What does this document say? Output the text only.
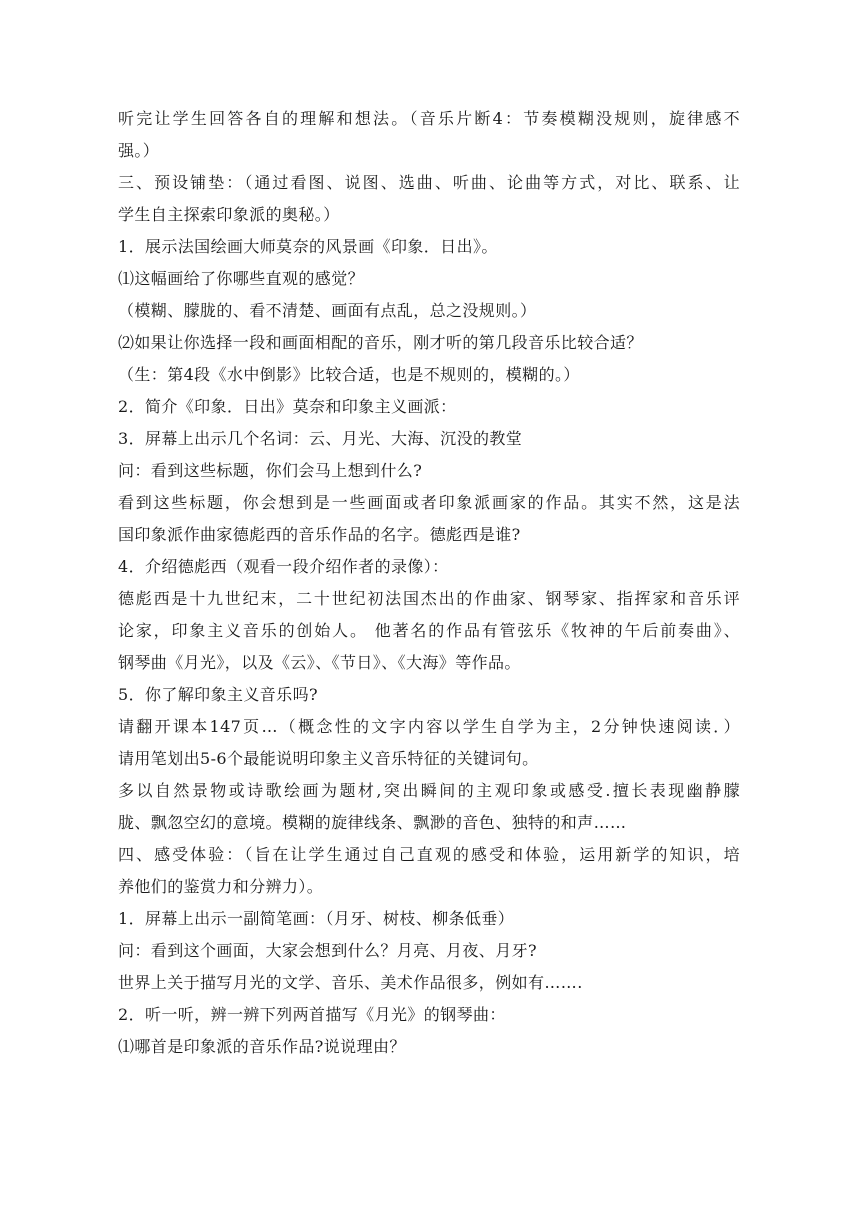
听完让学生回答各自的理解和想法。（音乐片断4：节奏模糊没规则，旋律感不
强。）
三、预设铺垫：（通过看图、说图、选曲、听曲、论曲等方式，对比、联系、让
学生自主探索印象派的奥秘。）
1．展示法国绘画大师莫奈的风景画《印象．日出》。
⑴这幅画给了你哪些直观的感觉？
（模糊、朦胧的、看不清楚、画面有点乱，总之没规则。）
⑵如果让你选择一段和画面相配的音乐，刚才听的第几段音乐比较合适？
（生：第4段《水中倒影》比较合适，也是不规则的，模糊的。）
2．简介《印象．日出》莫奈和印象主义画派：
3．屏幕上出示几个名词：云、月光、大海、沉没的教堂
问：看到这些标题，你们会马上想到什么?
看到这些标题，你会想到是一些画面或者印象派画家的作品。其实不然，这是法
国印象派作曲家德彪西的音乐作品的名字。德彪西是谁?
4．介绍德彪西（观看一段介绍作者的录像）：
德彪西是十九世纪末，二十世纪初法国杰出的作曲家、钢琴家、指挥家和音乐评
论家，印象主义音乐的创始人。 他著名的作品有管弦乐《牧神的午后前奏曲》、
钢琴曲《月光》，以及《云》、《节日》、《大海》等作品。
5．你了解印象主义音乐吗?
请翻开课本147页…（概念性的文字内容以学生自学为主，2分钟快速阅读．）
请用笔划出5-6个最能说明印象主义音乐特征的关键词句。
多以自然景物或诗歌绘画为题材,突出瞬间的主观印象或感受.擅长表现幽静朦
胧、飘忽空幻的意境。模糊的旋律线条、飘渺的音色、独特的和声……
四、感受体验：（旨在让学生通过自己直观的感受和体验，运用新学的知识，培
养他们的鉴赏力和分辨力）。
1．屏幕上出示一副简笔画：（月牙、树枝、柳条低垂）
问：看到这个画面，大家会想到什么？月亮、月夜、月牙?
世界上关于描写月光的文学、音乐、美术作品很多，例如有…….
2．听一听，辨一辨下列两首描写《月光》的钢琴曲：
⑴哪首是印象派的音乐作品?说说理由？
